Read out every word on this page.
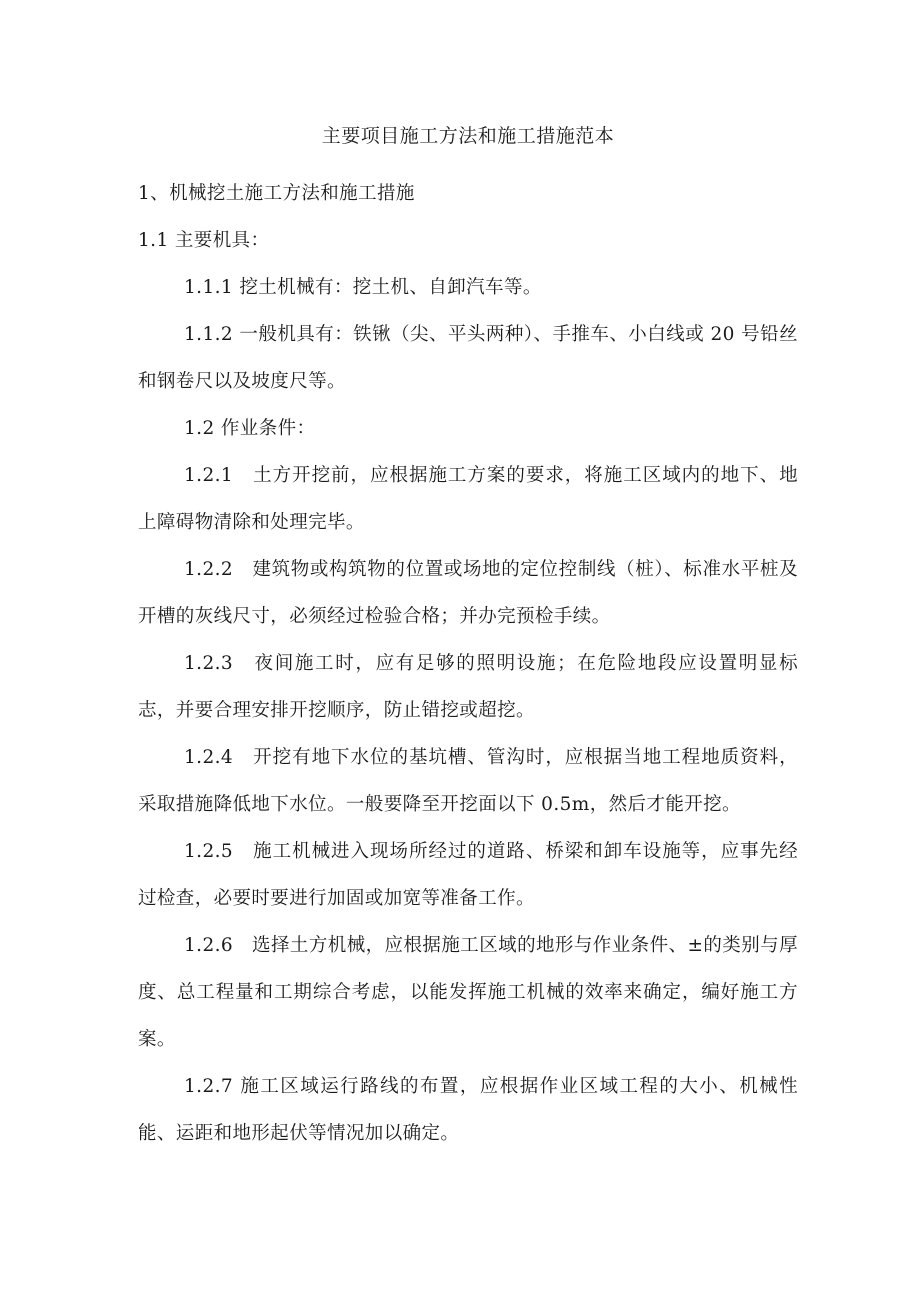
主要项目施工方法和施工措施范本

1、机械挖土施工方法和施工措施

1.1 主要机具：

1.1.1 挖土机械有：挖土机、自卸汽车等。

1.1.2 一般机具有：铁锹（尖、平头两种）、手推车、小白线或 20 号铅丝和钢卷尺以及坡度尺等。

1.2 作业条件：

1.2.1　土方开挖前，应根据施工方案的要求，将施工区域内的地下、地上障碍物清除和处理完毕。

1.2.2　建筑物或构筑物的位置或场地的定位控制线（桩）、标准水平桩及开槽的灰线尺寸，必须经过检验合格；并办完预检手续。

1.2.3　夜间施工时，应有足够的照明设施；在危险地段应设置明显标志，并要合理安排开挖顺序，防止错挖或超挖。

1.2.4　开挖有地下水位的基坑槽、管沟时，应根据当地工程地质资料，采取措施降低地下水位。一般要降至开挖面以下 0.5m，然后才能开挖。

1.2.5　施工机械进入现场所经过的道路、桥梁和卸车设施等，应事先经过检查，必要时要进行加固或加宽等准备工作。

1.2.6　选择土方机械，应根据施工区域的地形与作业条件、±的类别与厚度、总工程量和工期综合考虑，以能发挥施工机械的效率来确定，编好施工方案。

1.2.7 施工区域运行路线的布置，应根据作业区域工程的大小、机械性能、运距和地形起伏等情况加以确定。
